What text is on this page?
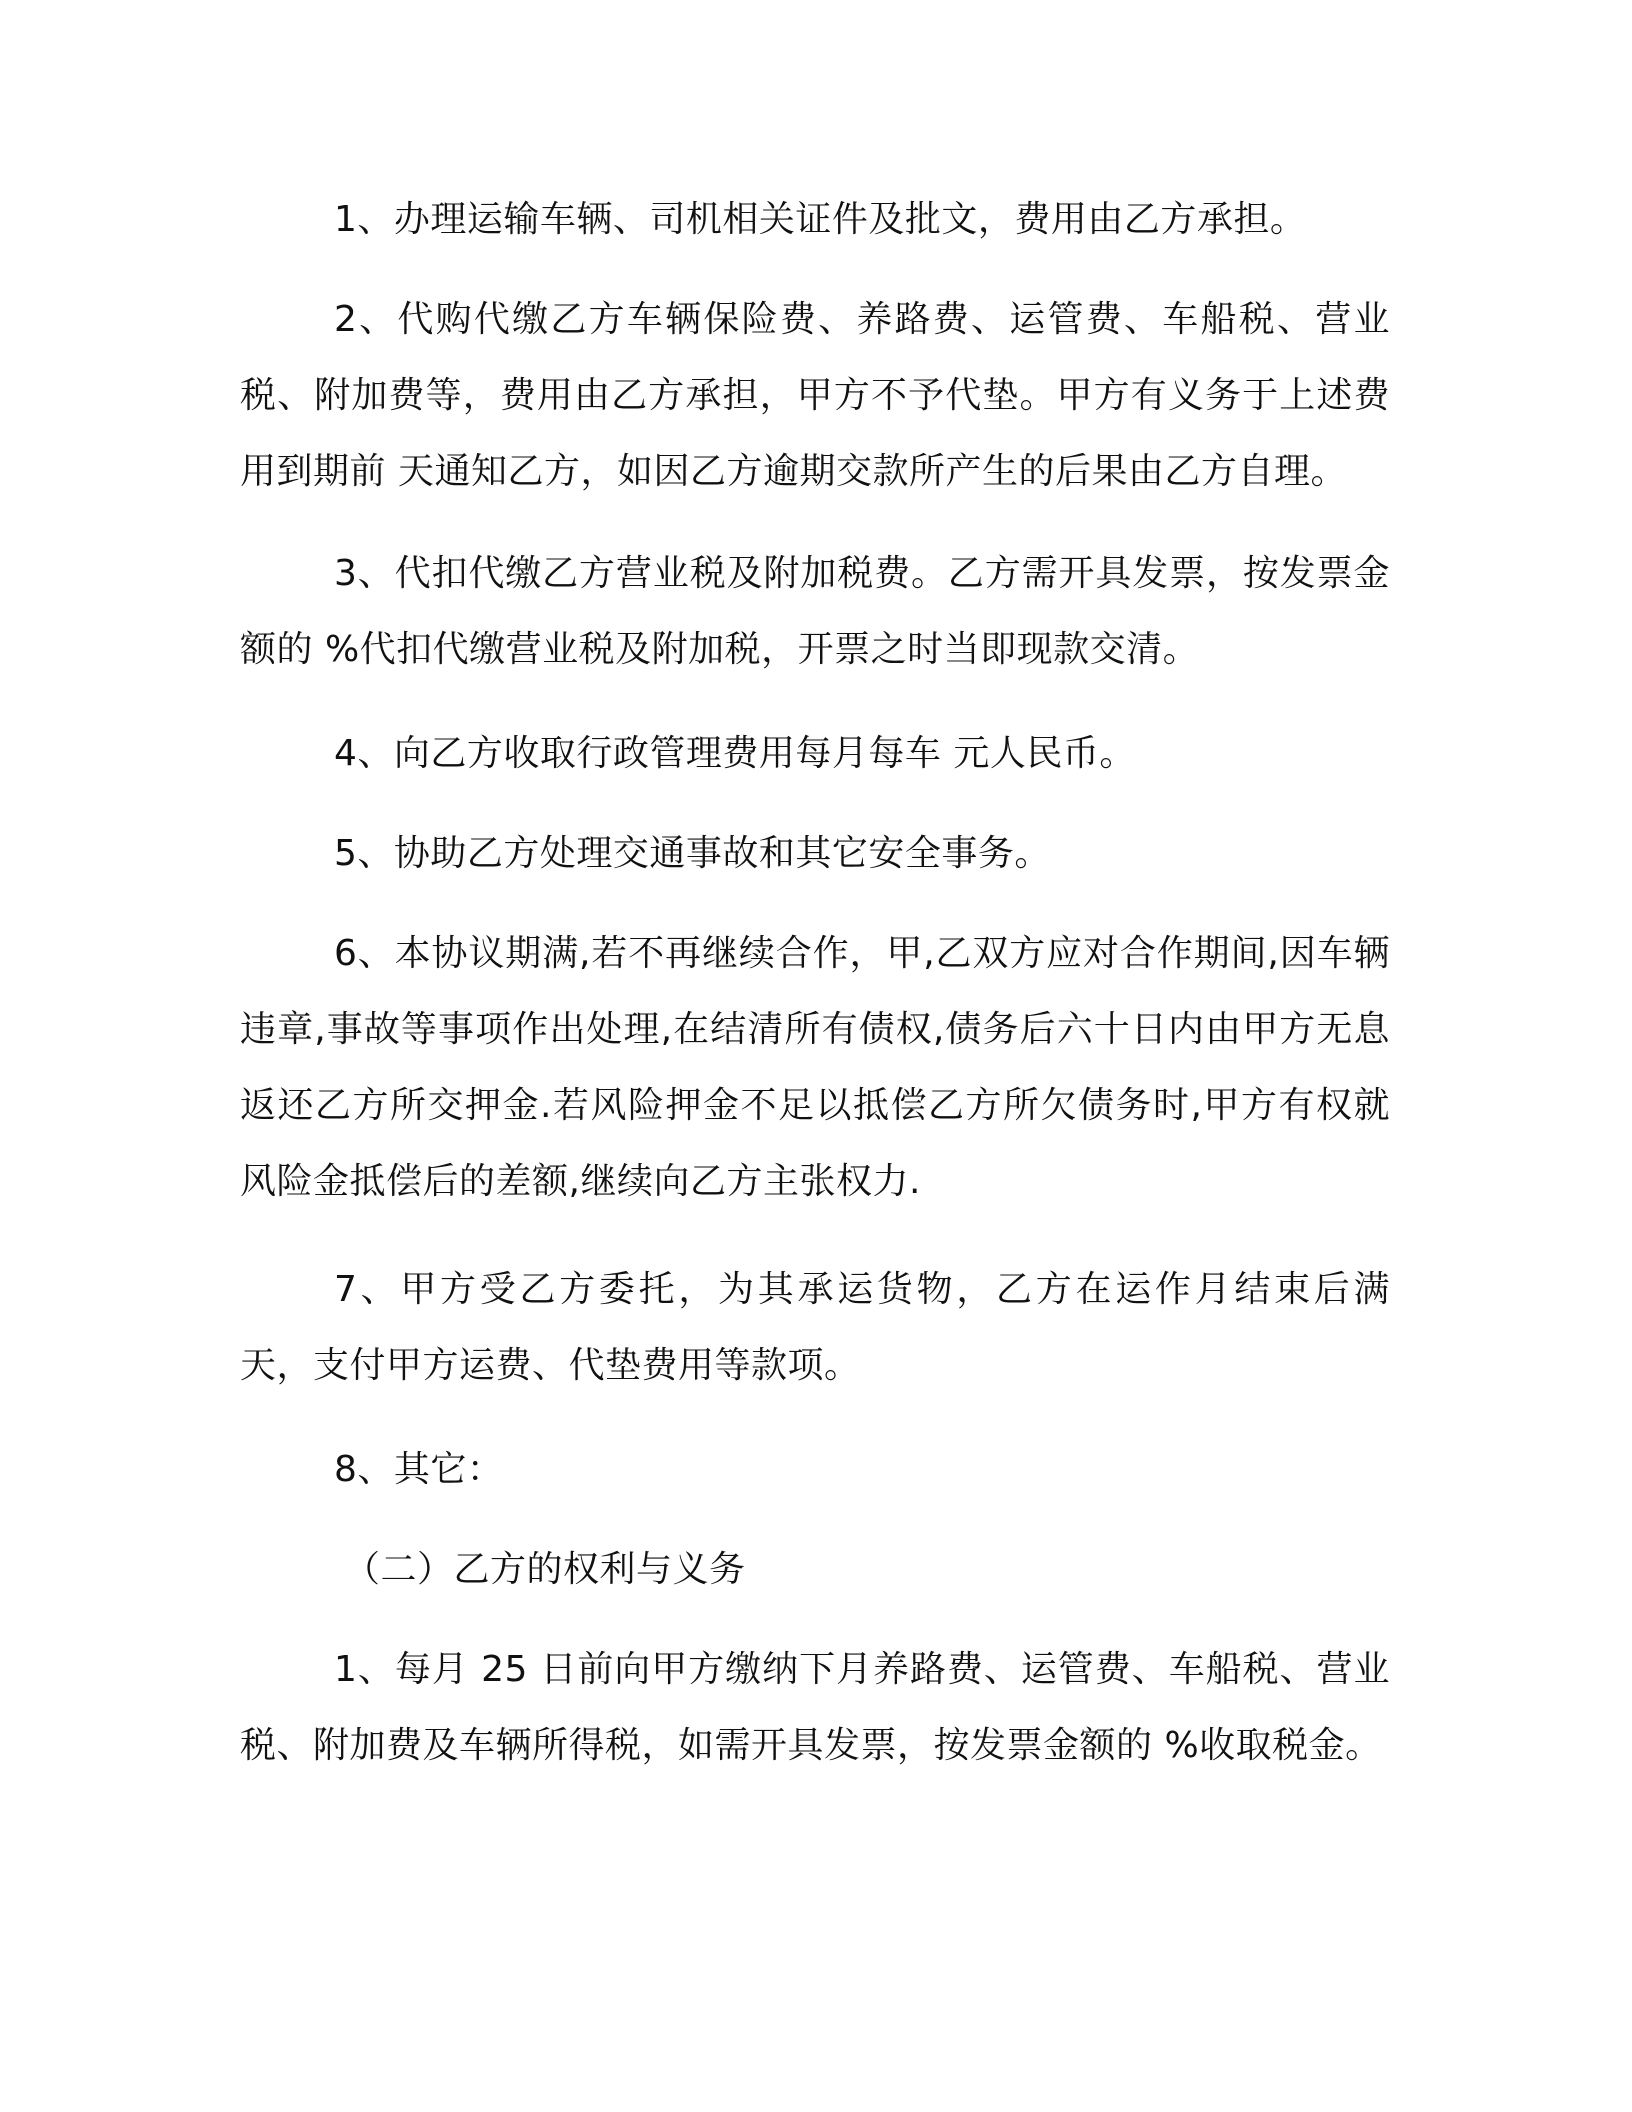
1、办理运输车辆、司机相关证件及批文，费用由乙方承担。

2、代购代缴乙方车辆保险费、养路费、运管费、车船税、营业税、附加费等，费用由乙方承担，甲方不予代垫。甲方有义务于上述费用到期前 天通知乙方，如因乙方逾期交款所产生的后果由乙方自理。

3、代扣代缴乙方营业税及附加税费。乙方需开具发票，按发票金额的 %代扣代缴营业税及附加税，开票之时当即现款交清。

4、向乙方收取行政管理费用每月每车 元人民币。

5、协助乙方处理交通事故和其它安全事务。

6、本协议期满,若不再继续合作，甲,乙双方应对合作期间,因车辆违章,事故等事项作出处理,在结清所有债权,债务后六十日内由甲方无息返还乙方所交押金.若风险押金不足以抵偿乙方所欠债务时,甲方有权就风险金抵偿后的差额,继续向乙方主张权力.

7、甲方受乙方委托，为其承运货物，乙方在运作月结束后满 天，支付甲方运费、代垫费用等款项。

8、其它：

（二）乙方的权利与义务

1、每月 25 日前向甲方缴纳下月养路费、运管费、车船税、营业税、附加费及车辆所得税，如需开具发票，按发票金额的 %收取税金。
